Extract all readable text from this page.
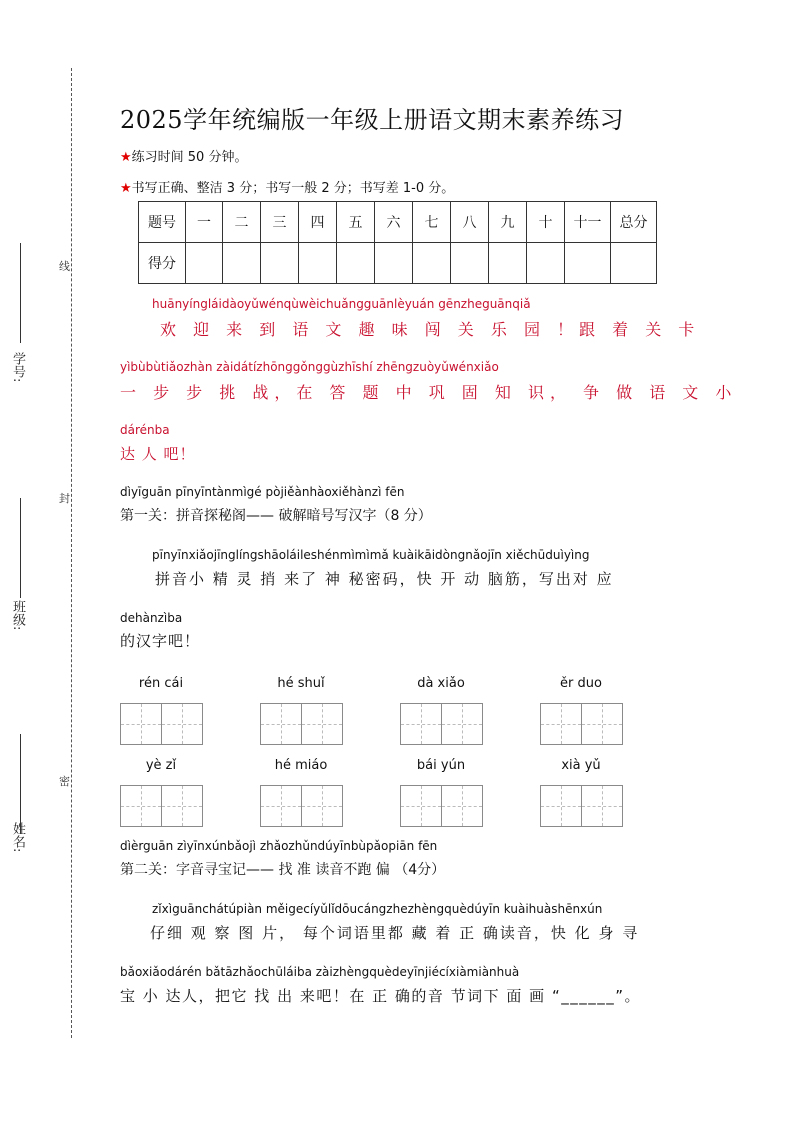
学号:
班级:
姓名:
线
封
密
2025学年统编版一年级上册语文期末素养练习
★练习时间 50 分钟。
★书写正确、整洁 3 分；书写一般 2 分；书写差 1-0 分。
题号	一	二	三	四	五	六	七	八	九	十	十一	总分
得分												
huānyíngláidàoyǔwénqùwèichuǎngguānlèyuán gēnzheguānqiǎ
欢 迎 来 到 语 文 趣 味 闯 关 乐 园 ！跟 着 关 卡
yìbùbùtiǎozhàn zàidátízhōnggǒnggùzhīshí zhēngzuòyǔwénxiǎo
一 步 步 挑 战，在 答 题 中 巩 固 知 识， 争 做 语 文 小
dárénba
达 人 吧！
dìyīguān pīnyīntànmìgé pòjiěànhàoxiěhànzì fēn
第一关：拼音探秘阁—— 破解暗号写汉字（8 分）
pīnyīnxiǎojīnglíngshāoláileshénmìmìmǎ kuàikāidòngnǎojīn xiěchūduìyìng
拼音小 精 灵 捎 来了 神 秘密码，快 开 动 脑筋，写出对 应
dehànzìba
的汉字吧！
rén cái	hé shuǐ	dà xiǎo	ěr duo
yè zǐ	hé miáo	bái yún	xià yǔ
dìèrguān zìyīnxúnbǎojì zhǎozhǔndúyīnbùpǎopiān fēn
第二关：字音寻宝记—— 找 准 读音不跑 偏 （4分）
zǐxìguānchátúpiàn měigecíyǔlǐdōucángzhezhèngquèdúyīn kuàihuàshēnxún
仔细 观 察 图 片， 每个词语里都 藏 着 正 确读音，快 化 身 寻
bǎoxiǎodárén bǎtāzhǎochūláiba zàizhèngquèdeyīnjiécíxiàmiànhuà
宝 小 达人，把它 找 出 来吧！在 正 确的音 节词下 面 画 “______”。
